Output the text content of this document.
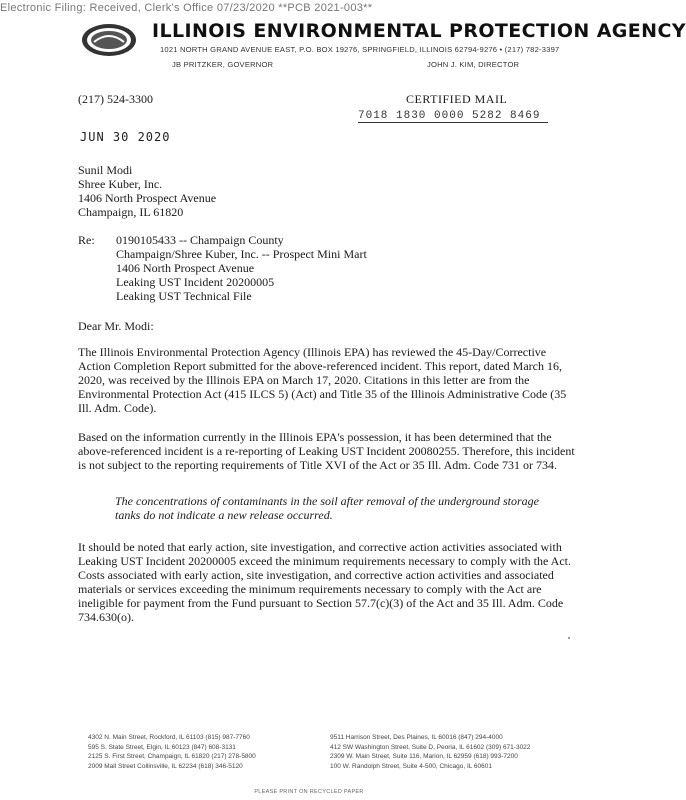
Electronic Filing: Received, Clerk's Office 07/23/2020 **PCB 2021-003**
ILLINOIS ENVIRONMENTAL PROTECTION AGENCY
1021 NORTH GRAND AVENUE EAST, P.O. BOX 19276, SPRINGFIELD, ILLINOIS 62794-9276 • (217) 782-3397
JB PRITZKER, GOVERNOR	JOHN J. KIM, DIRECTOR
(217) 524-3300	CERTIFIED MAIL
7018 1830 0000 5282 8469
JUN 30 2020
Sunil Modi
Shree Kuber, Inc.
1406 North Prospect Avenue
Champaign, IL 61820
Re: 0190105433 -- Champaign County
Champaign/Shree Kuber, Inc. -- Prospect Mini Mart
1406 North Prospect Avenue
Leaking UST Incident 20200005
Leaking UST Technical File
Dear Mr. Modi:

The Illinois Environmental Protection Agency (Illinois EPA) has reviewed the 45-Day/Corrective Action Completion Report submitted for the above-referenced incident. This report, dated March 16, 2020, was received by the Illinois EPA on March 17, 2020. Citations in this letter are from the Environmental Protection Act (415 ILCS 5) (Act) and Title 35 of the Illinois Administrative Code (35 Ill. Adm. Code).

Based on the information currently in the Illinois EPA's possession, it has been determined that the above-referenced incident is a re-reporting of Leaking UST Incident 20080255. Therefore, this incident is not subject to the reporting requirements of Title XVI of the Act or 35 Ill. Adm. Code 731 or 734.

The concentrations of contaminants in the soil after removal of the underground storage tanks do not indicate a new release occurred.

It should be noted that early action, site investigation, and corrective action activities associated with Leaking UST Incident 20200005 exceed the minimum requirements necessary to comply with the Act. Costs associated with early action, site investigation, and corrective action activities and associated materials or services exceeding the minimum requirements necessary to comply with the Act are ineligible for payment from the Fund pursuant to Section 57.7(c)(3) of the Act and 35 Ill. Adm. Code 734.630(o).

4302 N. Main Street, Rockford, IL 61103 (815) 987-7760
595 S. State Street, Elgin, IL 60123 (847) 608-3131
2125 S. First Street, Champaign, IL 61820 (217) 278-5800
2009 Mall Street Collinsville, IL 62234 (618) 346-5120
9511 Harrison Street, Des Plaines, IL 60016 (847) 294-4000
412 SW Washington Street, Suite D, Peoria, IL 61602 (309) 671-3022
2309 W. Main Street, Suite 116, Marion, IL 62959 (618) 993-7200
100 W. Randolph Street, Suite 4-500, Chicago, IL 60601
PLEASE PRINT ON RECYCLED PAPER
